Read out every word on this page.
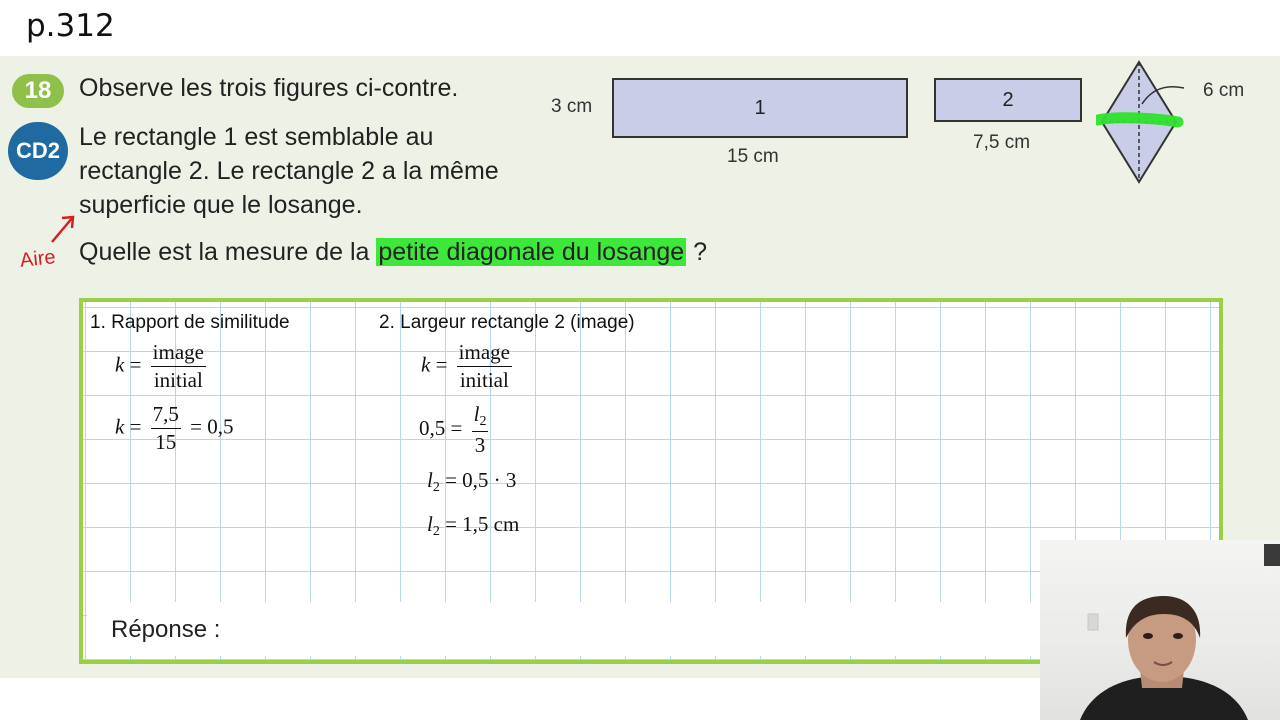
p.312
18
CD2
Observe les trois figures ci-contre.
Le rectangle 1 est semblable au
rectangle 2. Le rectangle 2 a la même
superficie que le losange.
Quelle est la mesure de la petite diagonale du losange ?
Aire
3 cm	1
15 cm
2
7,5 cm
6 cm
Réponse :
1. Rapport de similitude	2. Largeur rectangle 2 (image)
$k = \frac{\text{image}}{\text{initial}}$
$k = \frac{7,5}{15} = 0,5$
$k = \frac{\text{image}}{\text{initial}}$
$0,5 = \frac{l_2}{3}$
$l_2 = 0,5 \cdot 3$
$l_2 = 1,5$ cm
